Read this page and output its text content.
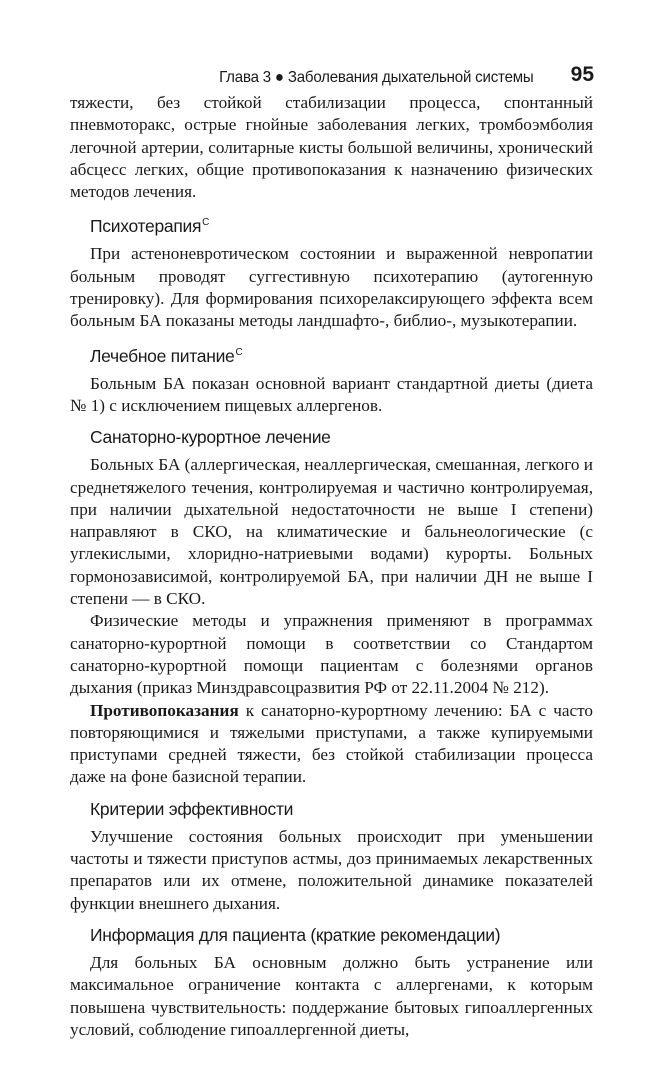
Глава 3 ● Заболевания дыхательной системы 95

тяжести, без стойкой стабилизации процесса, спонтанный пневмоторакс, острые гнойные заболевания легких, тромбоэмболия легочной артерии, солитарные кисты большой величины, хронический абсцесс легких, общие противопоказания к назначению физических методов лечения.

Психотерапия$^C$

При астеноневротическом состоянии и выраженной невропатии больным проводят суггестивную психотерапию (аутогенную тренировку). Для формирования психорелаксирующего эффекта всем больным БА показаны методы ландшафто-, библио-, музыкотерапии.

Лечебное питание$^C$

Больным БА показан основной вариант стандартной диеты (диета № 1) с исключением пищевых аллергенов.

Санаторно-курортное лечение

Больных БА (аллергическая, неаллергическая, смешанная, легкого и среднетяжелого течения, контролируемая и частично контролируемая, при наличии дыхательной недостаточности не выше I степени) направляют в СКО, на климатические и бальнеологические (с углекислыми, хлоридно-натриевыми водами) курорты. Больных гормонозависимой, контролируемой БА, при наличии ДН не выше I степени — в СКО.

Физические методы и упражнения применяют в программах санаторно-курортной помощи в соответствии со Стандартом санаторно-курортной помощи пациентам с болезнями органов дыхания (приказ Минздравсоцразвития РФ от 22.11.2004 № 212).

Противопоказания к санаторно-курортному лечению: БА с часто повторяющимися и тяжелыми приступами, а также купируемыми приступами средней тяжести, без стойкой стабилизации процесса даже на фоне базисной терапии.

Критерии эффективности

Улучшение состояния больных происходит при уменьшении частоты и тяжести приступов астмы, доз принимаемых лекарственных препаратов или их отмене, положительной динамике показателей функции внешнего дыхания.

Информация для пациента (краткие рекомендации)

Для больных БА основным должно быть устранение или максимальное ограничение контакта с аллергенами, к которым повышена чувствительность: поддержание бытовых гипоаллергенных условий, соблюдение гипоаллергенной диеты,
